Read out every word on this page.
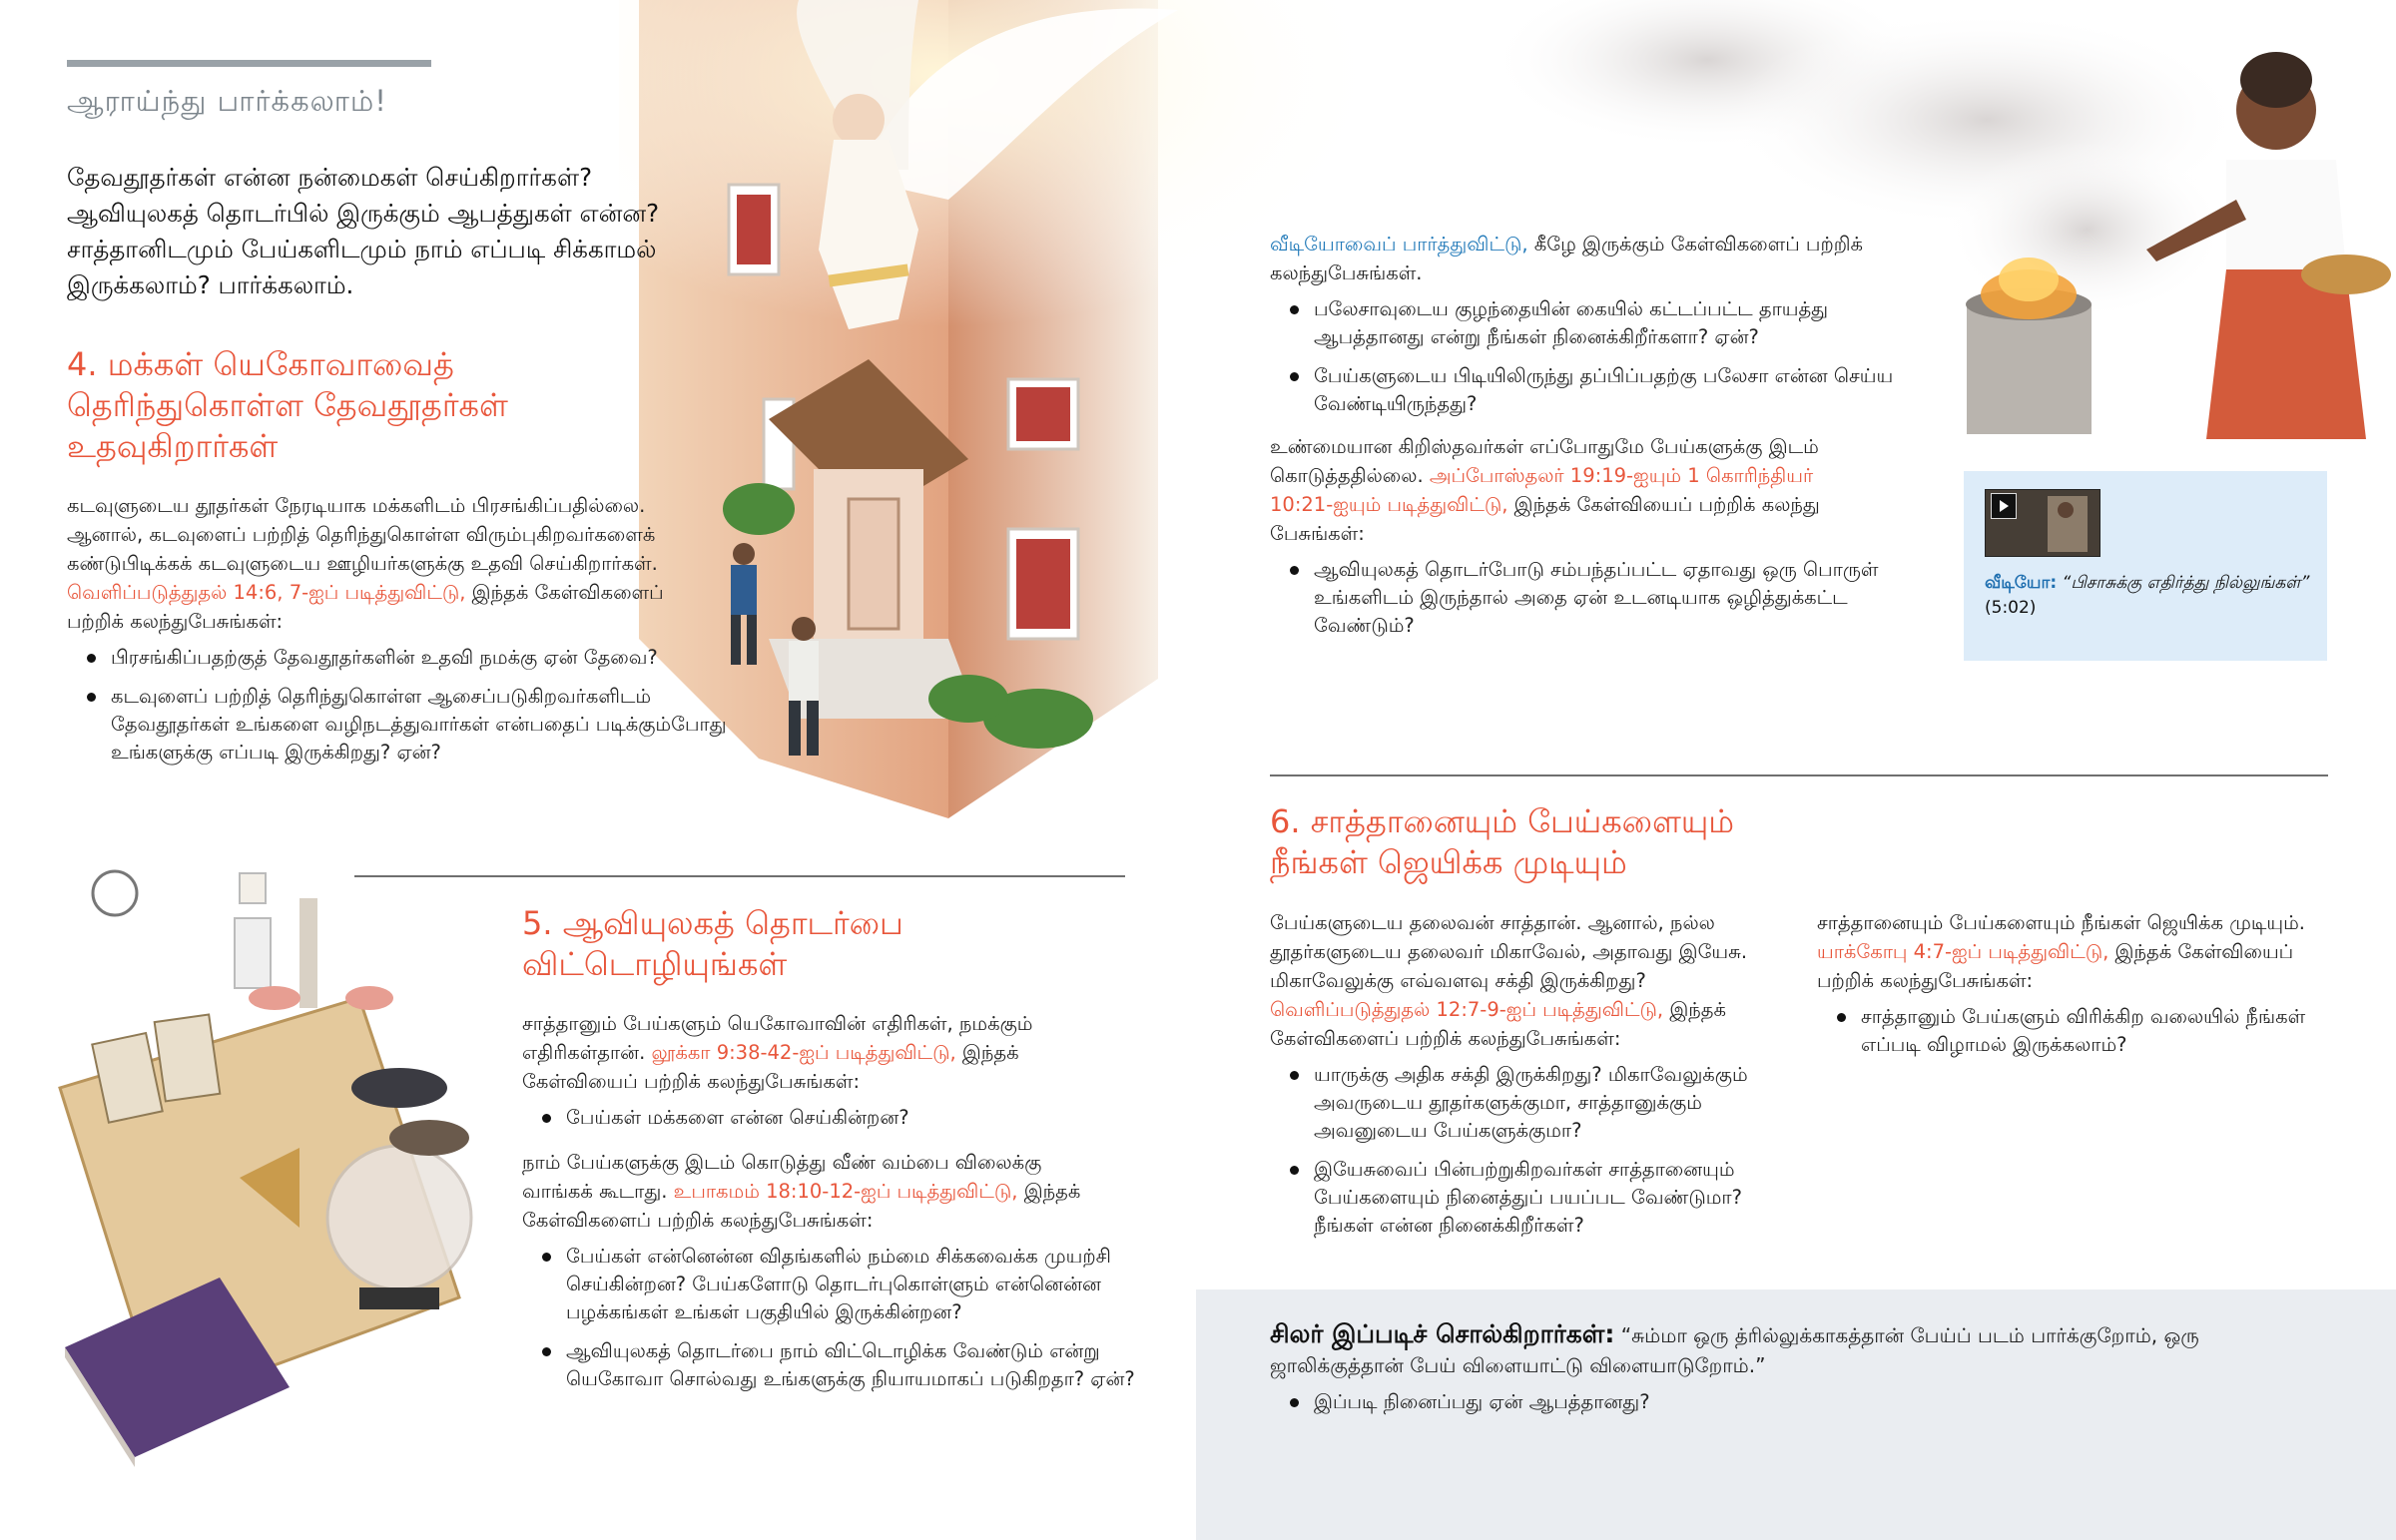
ஆராய்ந்து பார்க்கலாம்!
தேவதூதர்கள் என்ன நன்மைகள் செய்கிறார்கள்? ஆவியுலகத் தொடர்பில் இருக்கும் ஆபத்துகள் என்ன? சாத்தானிடமும் பேய்களிடமும் நாம் எப்படி சிக்காமல் இருக்கலாம்? பார்க்கலாம்.
4. மக்கள் யெகோவாவைத் தெரிந்துகொள்ள தேவதூதர்கள் உதவுகிறார்கள்
கடவுளுடைய தூதர்கள் நேரடியாக மக்களிடம் பிரசங்கிப்பதில்லை. ஆனால், கடவுளைப் பற்றித் தெரிந்துகொள்ள விரும்புகிறவர்களைக் கண்டுபிடிக்கக் கடவுளுடைய ஊழியர்களுக்கு உதவி செய்கிறார்கள். வெளிப்படுத்துதல் 14:6, 7-ஐப் படித்துவிட்டு, இந்தக் கேள்விகளைப் பற்றிக் கலந்துபேசுங்கள்:
பிரசங்கிப்பதற்குத் தேவதூதர்களின் உதவி நமக்கு ஏன் தேவை?
கடவுளைப் பற்றித் தெரிந்துகொள்ள ஆசைப்படுகிறவர்களிடம் தேவதூதர்கள் உங்களை வழிநடத்துவார்கள் என்பதைப் படிக்கும்போது உங்களுக்கு எப்படி இருக்கிறது? ஏன்?
5. ஆவியுலகத் தொடர்பை விட்டொழியுங்கள்
சாத்தானும் பேய்களும் யெகோவாவின் எதிரிகள், நமக்கும் எதிரிகள்தான். லூக்கா 9:38-42-ஐப் படித்துவிட்டு, இந்தக் கேள்வியைப் பற்றிக் கலந்துபேசுங்கள்:
பேய்கள் மக்களை என்ன செய்கின்றன?
நாம் பேய்களுக்கு இடம் கொடுத்து வீண் வம்பை விலைக்கு வாங்கக் கூடாது. உபாகமம் 18:10-12-ஐப் படித்துவிட்டு, இந்தக் கேள்விகளைப் பற்றிக் கலந்துபேசுங்கள்:
பேய்கள் என்னென்ன விதங்களில் நம்மை சிக்கவைக்க முயற்சி செய்கின்றன? பேய்களோடு தொடர்புகொள்ளும் என்னென்ன பழக்கங்கள் உங்கள் பகுதியில் இருக்கின்றன?
ஆவியுலகத் தொடர்பை நாம் விட்டொழிக்க வேண்டும் என்று யெகோவா சொல்வது உங்களுக்கு நியாயமாகப் படுகிறதா? ஏன்?
வீடியோவைப் பார்த்துவிட்டு, கீழே இருக்கும் கேள்விகளைப் பற்றிக் கலந்துபேசுங்கள்.
பலேசாவுடைய குழந்தையின் கையில் கட்டப்பட்ட தாயத்து ஆபத்தானது என்று நீங்கள் நினைக்கிறீர்களா? ஏன்?
பேய்களுடைய பிடியிலிருந்து தப்பிப்பதற்கு பலேசா என்ன செய்ய வேண்டியிருந்தது?
உண்மையான கிறிஸ்தவர்கள் எப்போதுமே பேய்களுக்கு இடம் கொடுத்ததில்லை. அப்போஸ்தலர் 19:19-ஐயும் 1 கொரிந்தியர் 10:21-ஐயும் படித்துவிட்டு, இந்தக் கேள்வியைப் பற்றிக் கலந்து பேசுங்கள்:
ஆவியுலகத் தொடர்போடு சம்பந்தப்பட்ட ஏதாவது ஒரு பொருள் உங்களிடம் இருந்தால் அதை ஏன் உடனடியாக ஒழித்துக்கட்ட வேண்டும்?
வீடியோ: “பிசாசுக்கு எதிர்த்து நில்லுங்கள்” (5:02)
6. சாத்தானையும் பேய்களையும் நீங்கள் ஜெயிக்க முடியும்
பேய்களுடைய தலைவன் சாத்தான். ஆனால், நல்ல தூதர்களுடைய தலைவர் மிகாவேல், அதாவது இயேசு. மிகாவேலுக்கு எவ்வளவு சக்தி இருக்கிறது? வெளிப்படுத்துதல் 12:7-9-ஐப் படித்துவிட்டு, இந்தக் கேள்விகளைப் பற்றிக் கலந்துபேசுங்கள்:
யாருக்கு அதிக சக்தி இருக்கிறது? மிகாவேலுக்கும் அவருடைய தூதர்களுக்குமா, சாத்தானுக்கும் அவனுடைய பேய்களுக்குமா?
இயேசுவைப் பின்பற்றுகிறவர்கள் சாத்தானையும் பேய்களையும் நினைத்துப் பயப்பட வேண்டுமா? நீங்கள் என்ன நினைக்கிறீர்கள்?
சாத்தானையும் பேய்களையும் நீங்கள் ஜெயிக்க முடியும். யாக்கோபு 4:7-ஐப் படித்துவிட்டு, இந்தக் கேள்வியைப் பற்றிக் கலந்துபேசுங்கள்:
சாத்தானும் பேய்களும் விரிக்கிற வலையில் நீங்கள் எப்படி விழாமல் இருக்கலாம்?
சிலர் இப்படிச் சொல்கிறார்கள்: “சும்மா ஒரு த்ரில்லுக்காகத்தான் பேய்ப் படம் பார்க்குறோம், ஒரு ஜாலிக்குத்தான் பேய் விளையாட்டு விளையாடுறோம்.”
இப்படி நினைப்பது ஏன் ஆபத்தானது?
